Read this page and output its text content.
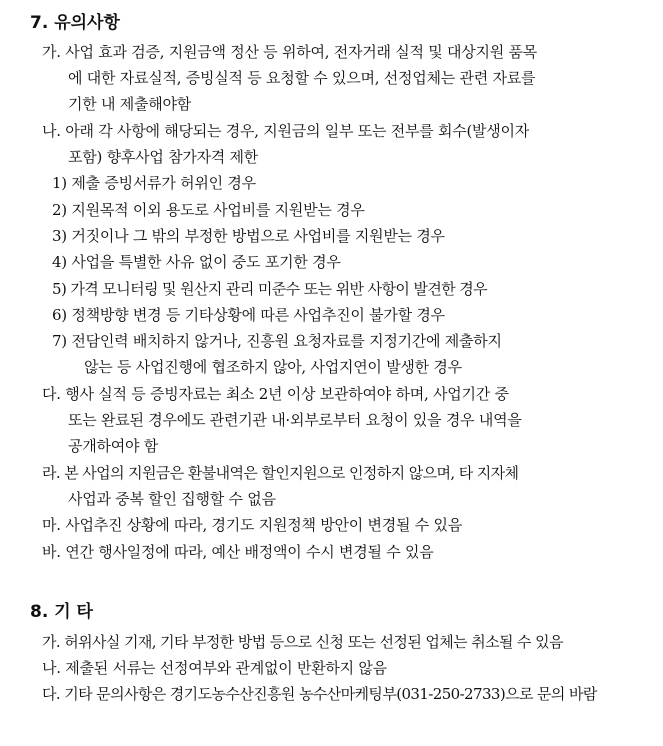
7. 유의사항
가. 사업 효과 검증, 지원금액 정산 등 위하여, 전자거래 실적 및 대상지원 품목
에 대한 자료실적, 증빙실적 등 요청할 수 있으며, 선정업체는 관련 자료를
기한 내 제출해야함
나. 아래 각 사항에 해당되는 경우, 지원금의 일부 또는 전부를 회수(발생이자
포함) 향후사업 참가자격 제한
1) 제출 증빙서류가 허위인 경우
2) 지원목적 이외 용도로 사업비를 지원받는 경우
3) 거짓이나 그 밖의 부정한 방법으로 사업비를 지원받는 경우
4) 사업을 특별한 사유 없이 중도 포기한 경우
5) 가격 모니터링 및 원산지 관리 미준수 또는 위반 사항이 발견한 경우
6) 정책방향 변경 등 기타상황에 따른 사업추진이 불가할 경우
7) 전담인력 배치하지 않거나, 진흥원 요청자료를 지정기간에 제출하지
않는 등 사업진행에 협조하지 않아, 사업지연이 발생한 경우
다. 행사 실적 등 증빙자료는 최소 2년 이상 보관하여야 하며, 사업기간 중
또는 완료된 경우에도 관련기관 내·외부로부터 요청이 있을 경우 내역을
공개하여야 함
라. 본 사업의 지원금은 환불내역은 할인지원으로 인정하지 않으며, 타 지자체
사업과 중복 할인 집행할 수 없음
마. 사업추진 상황에 따라, 경기도 지원정책 방안이 변경될 수 있음
바. 연간 행사일정에 따라, 예산 배정액이 수시 변경될 수 있음
8. 기 타
가. 허위사실 기재, 기타 부정한 방법 등으로 신청 또는 선정된 업체는 취소될 수 있음
나. 제출된 서류는 선정여부와 관계없이 반환하지 않음
다. 기타 문의사항은 경기도농수산진흥원 농수산마케팅부(031-250-2733)으로 문의 바람
